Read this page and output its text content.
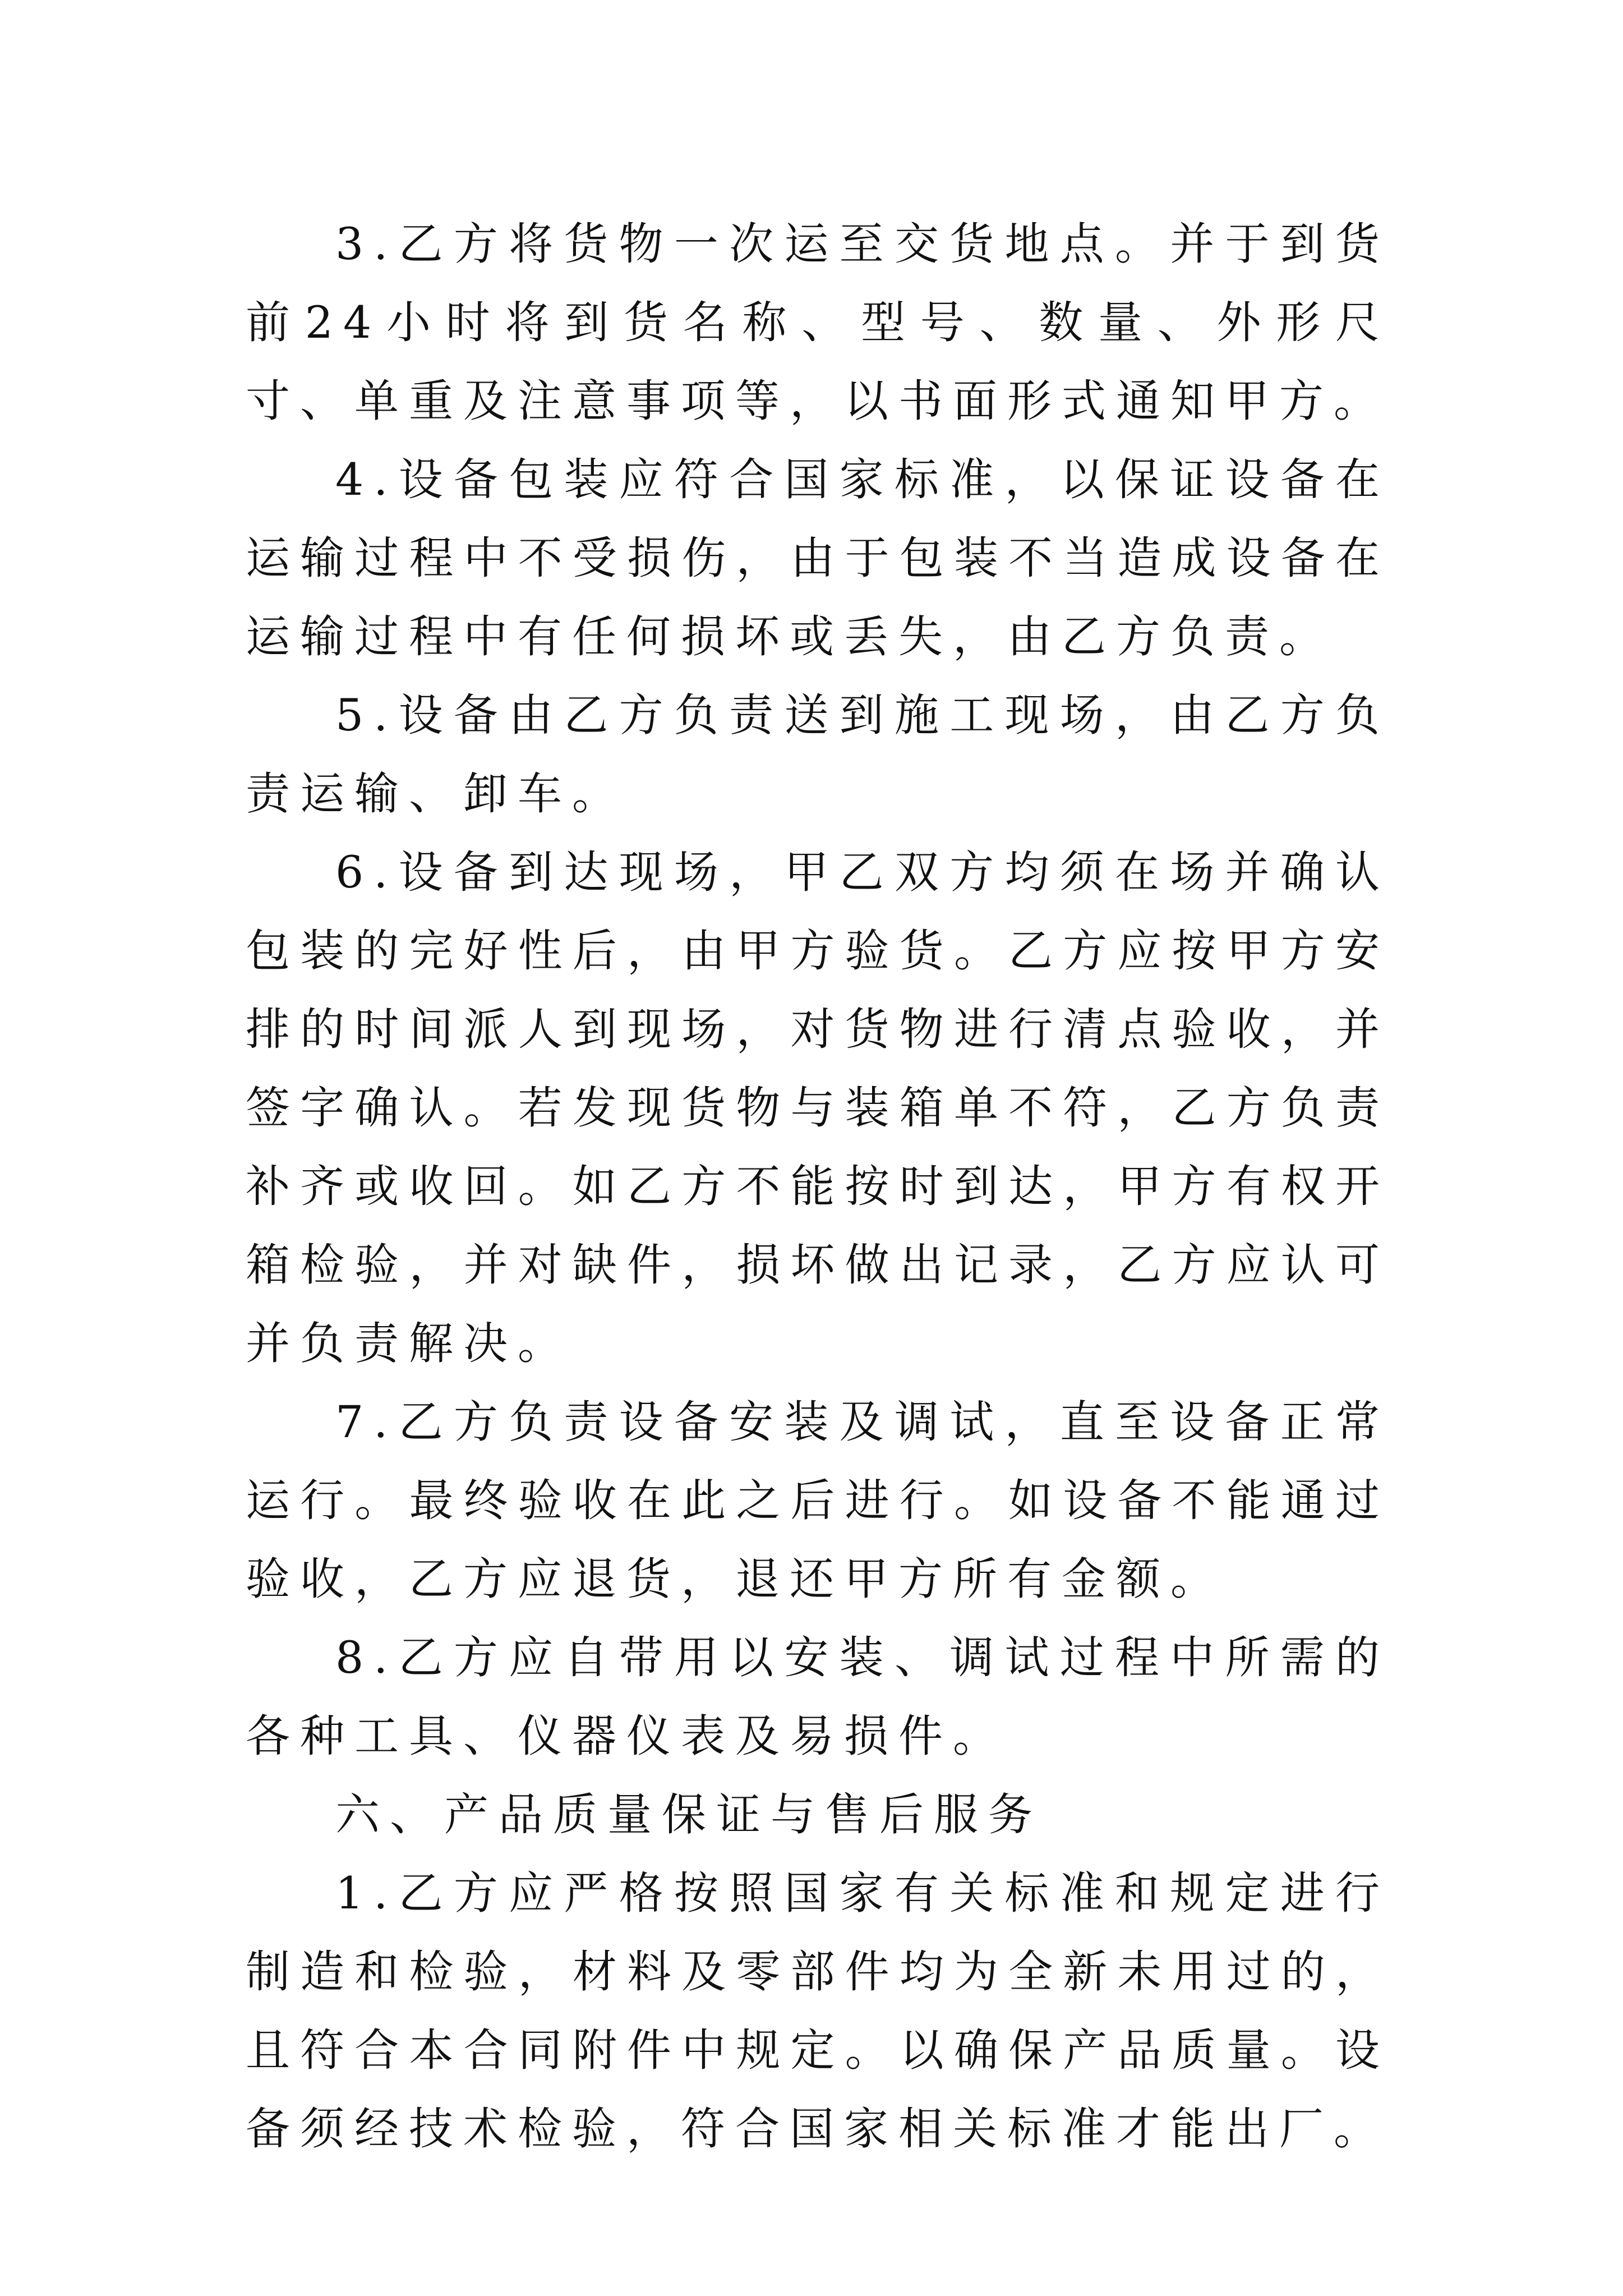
3.乙方将货物一次运至交货地点。并于到货前24小时将到货名称、型号、数量、外形尺寸、单重及注意事项等，以书面形式通知甲方。

4.设备包装应符合国家标准，以保证设备在运输过程中不受损伤，由于包装不当造成设备在运输过程中有任何损坏或丢失，由乙方负责。

5.设备由乙方负责送到施工现场，由乙方负责运输、卸车。

6.设备到达现场，甲乙双方均须在场并确认包装的完好性后，由甲方验货。乙方应按甲方安排的时间派人到现场，对货物进行清点验收，并签字确认。若发现货物与装箱单不符，乙方负责补齐或收回。如乙方不能按时到达，甲方有权开箱检验，并对缺件，损坏做出记录，乙方应认可并负责解决。

7.乙方负责设备安装及调试，直至设备正常运行。最终验收在此之后进行。如设备不能通过验收，乙方应退货，退还甲方所有金额。

8.乙方应自带用以安装、调试过程中所需的各种工具、仪器仪表及易损件。

六、产品质量保证与售后服务

1.乙方应严格按照国家有关标准和规定进行制造和检验，材料及零部件均为全新未用过的，且符合本合同附件中规定。以确保产品质量。设备须经技术检验，符合国家相关标准才能出厂。
